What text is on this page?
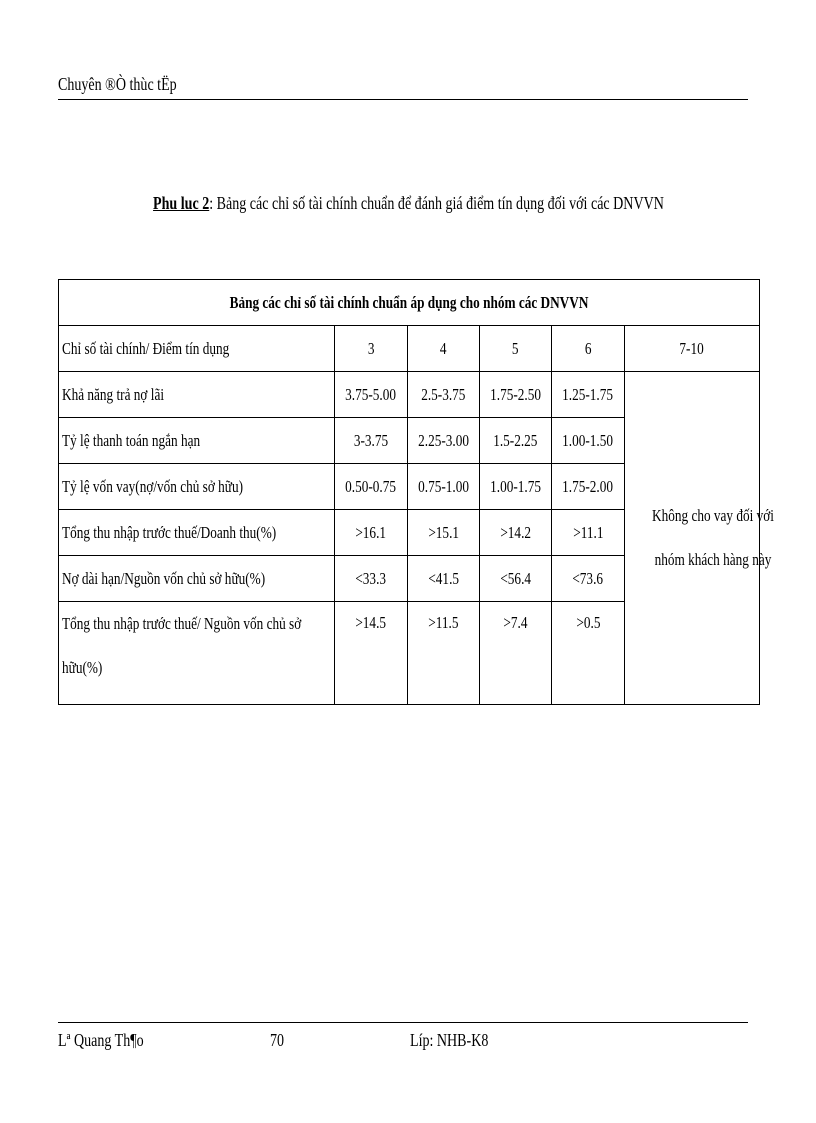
Chuyên ®Ò thùc tËp
Phu luc 2: Bảng các chỉ số tài chính chuẩn để đánh giá điểm tín dụng đối với các DNVVN
Bảng các chỉ số tài chính chuẩn áp dụng cho nhóm các DNVVN					
Chỉ số tài chính/ Điểm tín dụng	3	4	5	6	7-10
Khả năng trả nợ lãi	3.75-5.00	2.5-3.75	1.75-2.50	1.25-1.75	Không cho vay đối với nhóm khách hàng này
Tỷ lệ thanh toán ngắn hạn	3-3.75	2.25-3.00	1.5-2.25	1.00-1.50	
Tỷ lệ vốn vay(nợ/vốn chủ sở hữu)	0.50-0.75	0.75-1.00	1.00-1.75	1.75-2.00	
Tổng thu nhập trước thuế/Doanh thu(%)	>16.1	>15.1	>14.2	>11.1	
Nợ dài hạn/Nguồn vốn chủ sở hữu(%)	<33.3	<41.5	<56.4	<73.6	

Tổng thu nhập trước thuế/ Nguồn vốn chủ sở hữu(%)	>14.5	>11.5	>7.4	>0.5	
Lª Quang Th¶o	70	Líp: NHB-K8
